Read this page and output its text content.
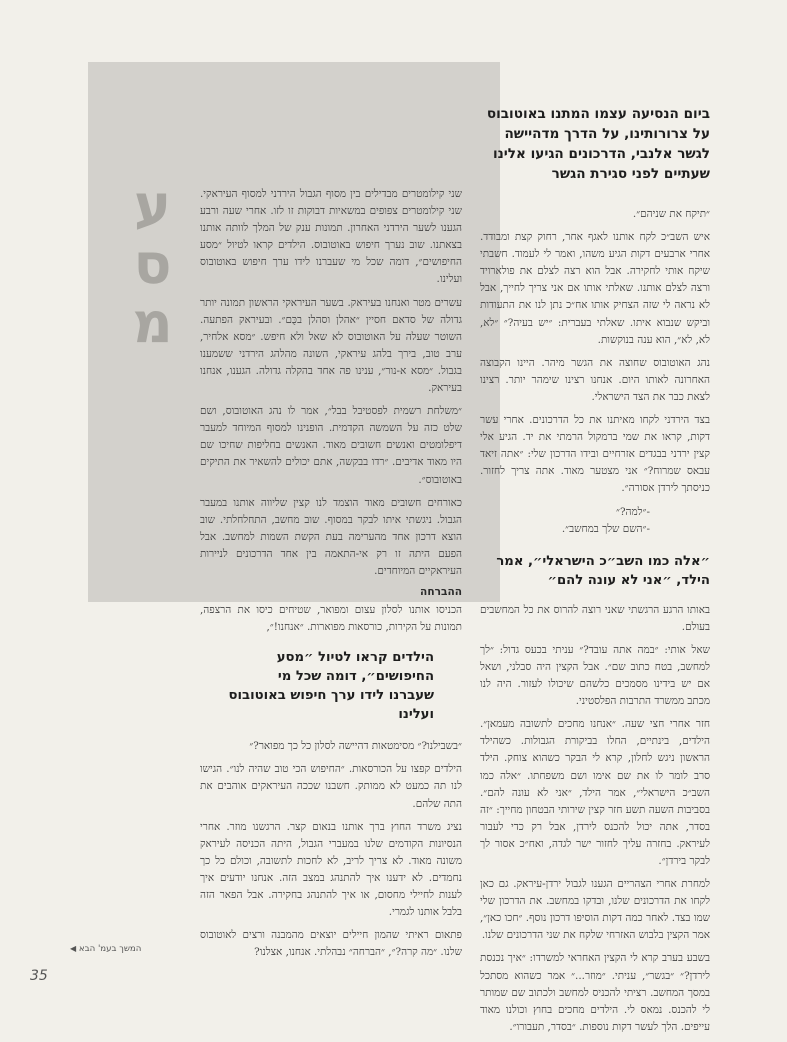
מסע

ביום הנסיעה עצמו המתנו באוטובוס על צרורותינו, על הדרך מדהיישה לגשר אלנבי, הדרכונים הגיעו אלינו שעתיים לפני סגירת הגשר

״תיקח את שניהם״.

איש השב״כ לקח אותנו לאגף אחר, רחוק קצת ומבודד. אחרי ארבעים דקות הגיע משהו, ואמר לי לעמוד. חשבתי שיקח אותי לחקירה. אבל הוא רצה לצלם את פולארויד ורצה לצלם אותנו. שאלתי אותו אם אני צריך לחייך, אבל לא נראה לי שזה הצחיק אותו אח״כ נתן לנו את התעודות וביקש שנבוא איתו. שאלתי בעברית: ״יש בעיה?״ ״לא, לא, לא״, הוא ענה בנוקשות.

נהג האוטובוס שחוצה את הגשר מיהר. היינו הקבוצה האחרונה לאותו היום. אנחנו רצינו שימהר יותר. רצינו לצאת כבר את הצד הישראלי.

בצד הירדני לקחו מאיתנו את כל הדרכונים. אחרי עשר דקות, קראו את שמי ברמקול הרמתי את יד. הגיע אלי קצין ירדני בבגדים אזרחיים ובידו הדרכון שלי: ״אתה זיאד עבאס שמרוח?״ אני מצטער מאוד. אתה צריך לחזור. כניסתך לירדן אסורה״.

-״למה?״

-״השם שלך במחשב״.

״אלה כמו השב״כ הישראלי״, אמר הילד, ״אני לא עונה להם״

באותו הרגע הרגשתי שאני רוצה להרוס את כל המחשבים בעולם.

שאל אותי: ״במה אתה עובד?״ עניתי בכעס גדול: ״לך למחשב, בטח כתוב שם״. אבל הקצין היה סבלני, ושאל אם יש בידינו מסמכים כלשהם שיכולו לעזור. היה לנו מכתב ממשרד התרבות הפלסטיני.

חזר אחרי חצי שעה. ״אנחנו מחכים לתשובה מעמאן״. הילדים, בינתיים, החלו בביקורת הגבולות. כשהילד הראשון ניגש לחלון, קרא לי הבקר כשהוא צוחק. הילד סרב לומר לו את שם אימו ושם משפחתו. ״אלה כמו השב״כ הישראלי״, אמר הילד, ״אני לא עונה להם״. בסביבות השעה תשע חזר קצין שירותי הבטחון מחייך: ״זה בסדר, אתה יכול להכנס לירדן, אבל רק כדי לעבור לעיראק. בחזרה עליך לחזור ישר לגדה, ואח״כ אסור לך לבקר בירדן״.

למחרת אחרי הצהריים הגענו לגבול ירדן-עיראק. גם כאן לקחו את הדרכונים שלנו, ובדקו במחשב. את הדרכון שלי שמו בצד. לאחר כמה דקות הוסיפו דרכון נוסף. ״חכו כאן״, אמר הקצין בלבוש האזרחי שלקח את שני הדרכונים שלנו.

בשבע בערב קרא לי הקצין האחראי למשרדו: ״איך נכנסת לירדן?״ ״בגשר״, עניתי. ״מוזר...״ אמר כשהוא מסתכל במסך המחשב. רציתי להכניס למחשב ולכתוב שם שמותר לי להכנס. נמאס לי. הילדים מחכים בחוץ וכולנו מאוד עייפים. הלך לעשר דקות נוספות. ״בסדר, תעבורו״.

שני קילומטרים מבדילים בין מסוף הגבול הירדני למסוף העיראקי. שני קילומטרים צפופים במשאיות דבוקות זו לזו. אחרי שעה ורבע הגענו לשער הירדני האחרון. תמונות ענק של המלך לוותה אותנו בצאתנו. שוב נערך חיפוש באוטובוס. הילדים קראו לטיול ״מסע החיפושים״, דומה שכל מי שעברנו לידו ערך חיפוש באוטובוס ועלינו.

עשרים מטר ואנחנו בעיראק. בשער העיראקי הראשון תמונה יותר גדולה של סדאם חסיין ״אהלן וסהלן בכֻּם״. ובעיראק הפתעה. השוטר שעלה על האוטובוס לא שאל ולא חיפש. ״מסא אלחיר, ערב טוב, בירך בלהג עיראקי, השונה מהלהג הירדני ששמענו בגבול. ״מסא א-נור״, ענינו פה אחד בהקלה גדולה. הגענו, אנחנו בעיראק.

״משלחת רשמית לפסטיבל בבל״, אמר לו נהג האוטובוס, ושם שלט כזה על השמשה הקדמית. הופנינו למסוף המיוחד למעבר דיפלומטים ואנשים חשובים מאוד. האנשים בחליפות שחיכו שם היו מאוד אדיבים. ״רדו בבקשה, אתם יכולים להשאיר את התיקים באוטובוס״.

כאורחים חשובים מאוד הוצמד לנו קצין שליווה אותנו במעבר הגבול. ניגשתי איתו לבקר במסוף. שוב מחשב, התחלחלתי. שוב הוצא דרכון אחד מהערימה בעת הקשת השמות למחשב. אבל הפעם היתה זו רק אי-התאמה בין אחד הדרכונים לניירות העיראקיים המיוחדים.

ההברחה

הכניסו אותנו לסלון עצום ומפואר, שטיחים כיסו את הרצפה, תמונות על הקירות, כורסאות מפוארות. ״אנחנו!״,

הילדים קראו לטיול ״מסע החיפושים״, דומה שכל מי שעברנו לידו ערך חיפוש באוטובוס ועלינו

״בשבילנו?״ מסימטאות דהיישה לסלון כל כך מפואר?״

הילדים קפצו על הכורסאות. ״החיפוש הכי טוב שהיה לנו״. הגישו לנו תה כמעט לא ממותק. חשבנו שככה העיראקים אוהבים את התה שלהם.

נציג משרד החוץ ברך אותנו בנאום קצר. הרגשנו מוזר. אחרי הנסיונות הקודמים שלנו במעברי הגבול, היתה הכניסה לעיראק משונה מאוד. לא צריך לריב, לא לחכות לתשובה, וכולם כל כך נחמדים. לא ידענו איך להתנהג במצב הזה. אנחנו יודעים איך לענות לחיילי מחסום, או איך להתנהג בחקירה. אבל הפאר הזה בלבל אותנו לגמרי.

פתאום ראיתי שהמון חיילים יוצאים מהמבנה ורצים לאוטובוס שלנו. ״מה קרה?״, ״הברחה״ נבהלתי. אנחנו, אצלנו?

המשך בעמ' הבא ◀
35
